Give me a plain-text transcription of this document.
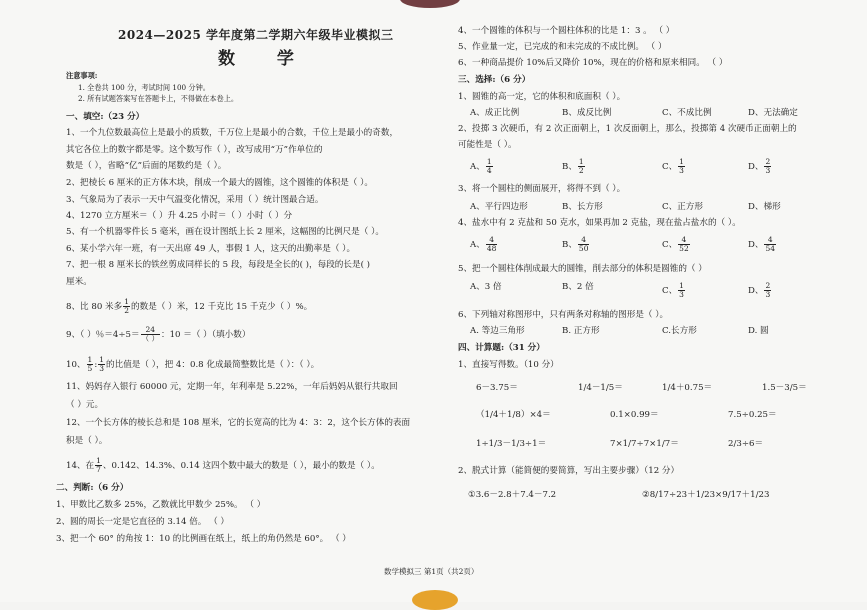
2024—2025 学年度第二学期六年级毕业模拟三
数 学
注意事项:
1. 全卷共 100 分，考试时间 100 分钟。
2. 所有试题答案写在答题卡上，不得做在本卷上。
一、填空:（23 分）
1、一个九位数最高位上是最小的质数，千万位上是最小的合数，千位上是最小的奇数，
其它各位上的数字都是零。这个数写作（ ），改写成用“万”作单位的
数是（ ），省略“亿”后面的尾数约是（ ）。
2、把棱长 6 厘米的正方体木块，削成一个最大的圆锥，这个圆锥的体积是（ ）。
3、气象局为了表示一天中气温变化情况，采用（ ）统计图最合适。
4、1270 立方厘米＝（ ）升 4.25 小时＝（ ）小时（ ）分
5、有一个机器零件长 5 毫米，画在设计图纸上长 2 厘米，这幅图的比例尺是（ ）。
6、某小学六年一班，有一天出席 49 人，事假 1 人，这天的出勤率是（ ）。
7、把一根 8 厘米长的铁丝剪成同样长的 5 段，每段是全长的( )，每段的长是( )
厘米。
8、比 80 米多 $\frac{1}{2}$ 的数是（ ）米，12 千克比 15 千克少（ ）%。
9、（ ）％$=4\div 5= \frac{24}{( )}$ ：10 ＝（ ）（填小数）
10、 $\frac{1}{5}$ : $\frac{1}{3}$ 的比值是（ ），把 4：0.8 化成最简整数比是（ ）：（ ）。
11、妈妈存入银行 60000 元，定期一年，年利率是 5.22%，一年后妈妈从银行共取回
（ ）元。
12、一个长方体的棱长总和是 108 厘米，它的长宽高的比为 4：3：2，这个长方体的表面
积是（ ）。
14、在 $\frac{1}{7}$ 、0.142、14.3%、0.14 这四个数中最大的数是（ ），最小的数是（ ）。
二、判断:（6 分）
1、甲数比乙数多 25%，乙数就比甲数少 25%。 （ ）
2、圆的周长一定是它直径的 3.14 倍。 （ ）
3、把一个 60° 的角按 1：10 的比例画在纸上，纸上的角仍然是 60°。 （ ）
4、一个圆锥的体积与一个圆柱体积的比是 1：3 。 （ ）
5、作业量一定，已完成的和未完成的不成比例。 （ ）
6、一种商品提价 10%后又降价 10%，现在的价格和原来相同。 （ ）
三、选择:（6 分）
1、圆锥的高一定，它的体积和底面积（ ）。
A、成正比例	B、成反比例	C、不成比例	D、无法确定
2、投掷 3 次硬币，有 2 次正面朝上，1 次反面朝上，那么，投掷第 4 次硬币正面朝上的
可能性是（ ）。
A、 $\frac{1}{4}$	B、 $\frac{1}{2}$	C、 $\frac{1}{3}$	D、 $\frac{2}{3}$
3、将一个圆柱的侧面展开，将得不到（ ）。
A、平行四边形	B、长方形	C、正方形	D、梯形
4、盐水中有 2 克盐和 50 克水，如果再加 2 克盐，现在盐占盐水的（ ）。
A、 $\frac{4}{48}$	B、 $\frac{4}{50}$	C、 $\frac{4}{52}$	D、 $\frac{4}{54}$
5、把一个圆柱体削成最大的圆锥，削去部分的体积是圆锥的（ ）
A、3 倍	B、2 倍	C、 $\frac{1}{3}$	D、 $\frac{2}{3}$
6、下列轴对称图形中，只有两条对称轴的图形是（ ）。
A. 等边三角形	B. 正方形	C.长方形	D. 圆
四、计算题:（31 分）
1、直接写得数。（10 分）
6－3.75＝	1/4－1/5＝	1/4＋0.75＝	1.5－3/5＝
（1/4＋1/8）×4＝	0.1×0.99＝	7.5÷0.25＝
1÷1/3－1/3÷1＝	7×1/7÷7×1/7＝	2/3÷6＝
2、脱式计算（能简便的要简算，写出主要步骤）（12 分）
①3.6－2.8＋7.4－7.2	②8/17÷23＋1/23×9/17＋1/23
数学模拟三 第1页（共2页）
